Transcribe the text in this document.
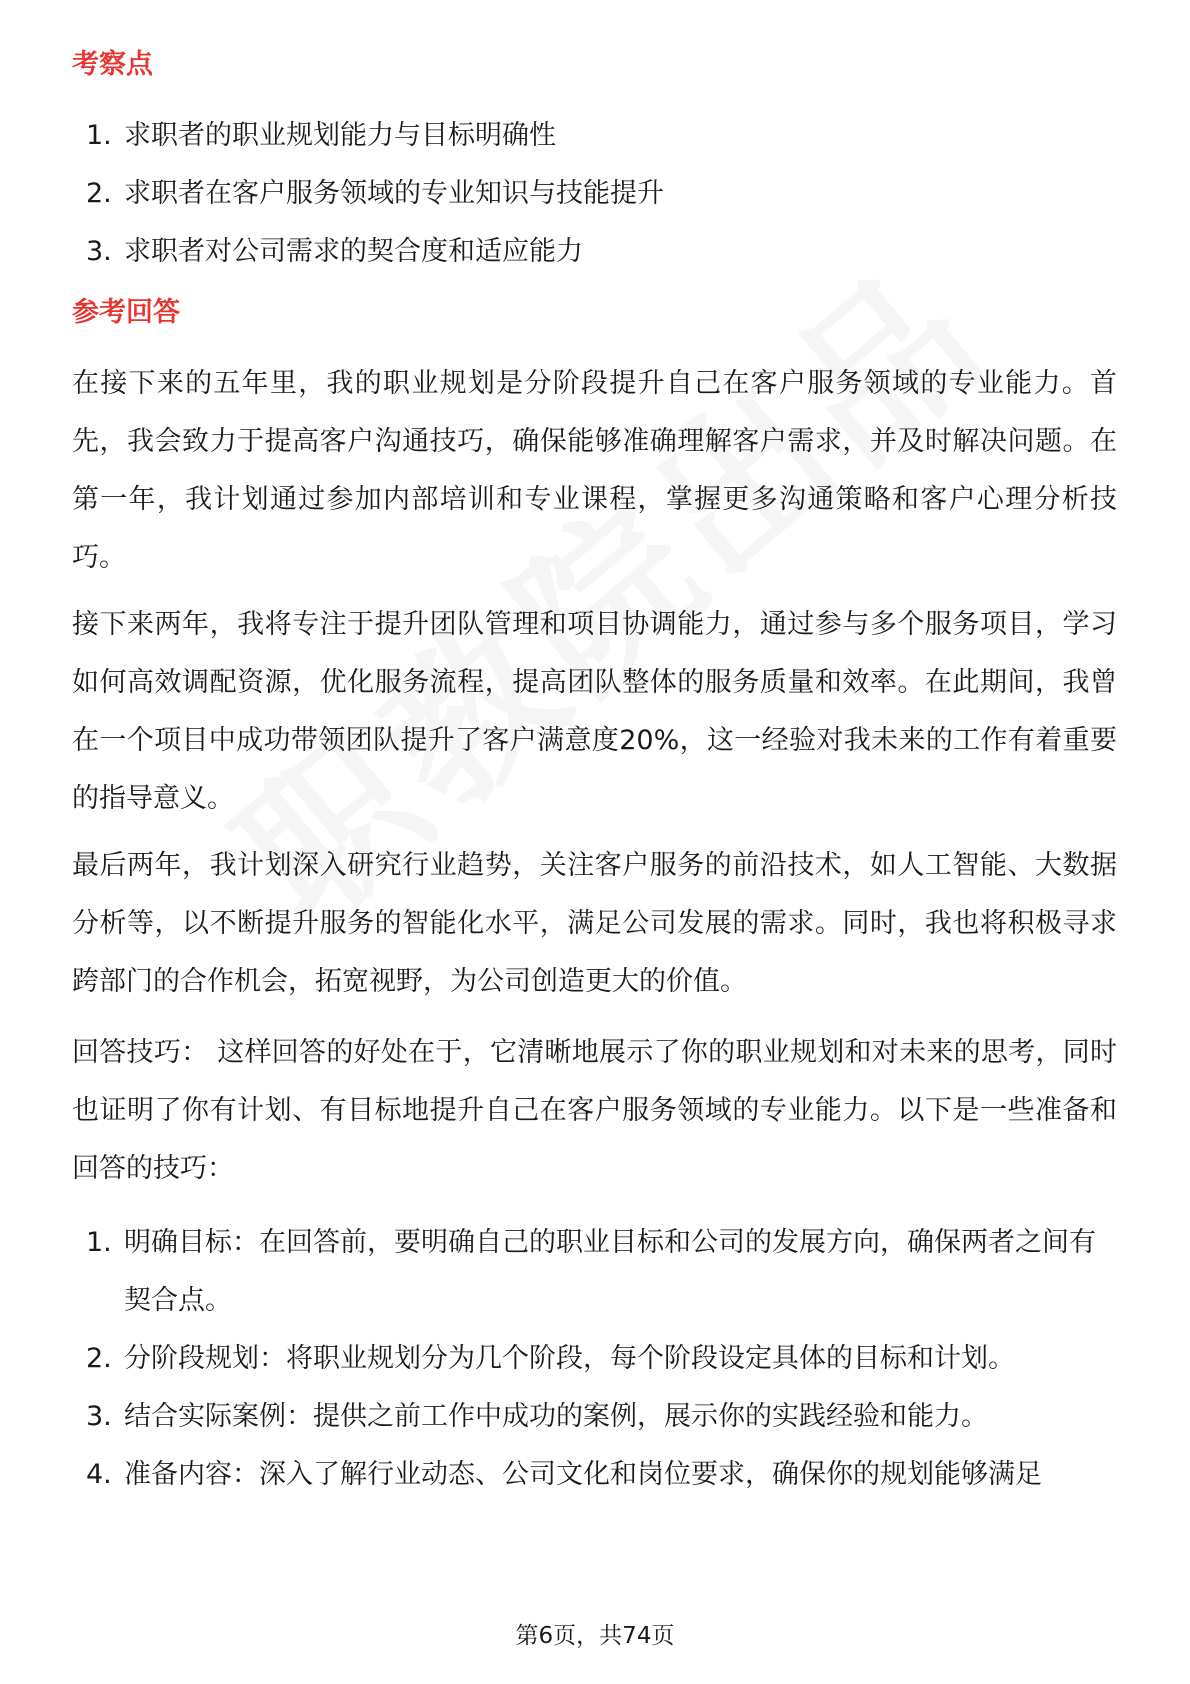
考察点
1. 求职者的职业规划能力与目标明确性
2. 求职者在客户服务领域的专业知识与技能提升
3. 求职者对公司需求的契合度和适应能力
参考回答

在接下来的五年里，我的职业规划是分阶段提升自己在客户服务领域的专业能力。首先，我会致力于提高客户沟通技巧，确保能够准确理解客户需求，并及时解决问题。在第一年，我计划通过参加内部培训和专业课程，掌握更多沟通策略和客户心理分析技巧。

接下来两年，我将专注于提升团队管理和项目协调能力，通过参与多个服务项目，学习如何高效调配资源，优化服务流程，提高团队整体的服务质量和效率。在此期间，我曾在一个项目中成功带领团队提升了客户满意度20%，这一经验对我未来的工作有着重要的指导意义。

最后两年，我计划深入研究行业趋势，关注客户服务的前沿技术，如人工智能、大数据分析等，以不断提升服务的智能化水平，满足公司发展的需求。同时，我也将积极寻求跨部门的合作机会，拓宽视野，为公司创造更大的价值。

回答技巧： 这样回答的好处在于，它清晰地展示了你的职业规划和对未来的思考，同时也证明了你有计划、有目标地提升自己在客户服务领域的专业能力。以下是一些准备和回答的技巧：

1. 明确目标：在回答前，要明确自己的职业目标和公司的发展方向，确保两者之间有契合点。
2. 分阶段规划：将职业规划分为几个阶段，每个阶段设定具体的目标和计划。
3. 结合实际案例：提供之前工作中成功的案例，展示你的实践经验和能力。
4. 准备内容：深入了解行业动态、公司文化和岗位要求，确保你的规划能够满足
第6页，共74页
